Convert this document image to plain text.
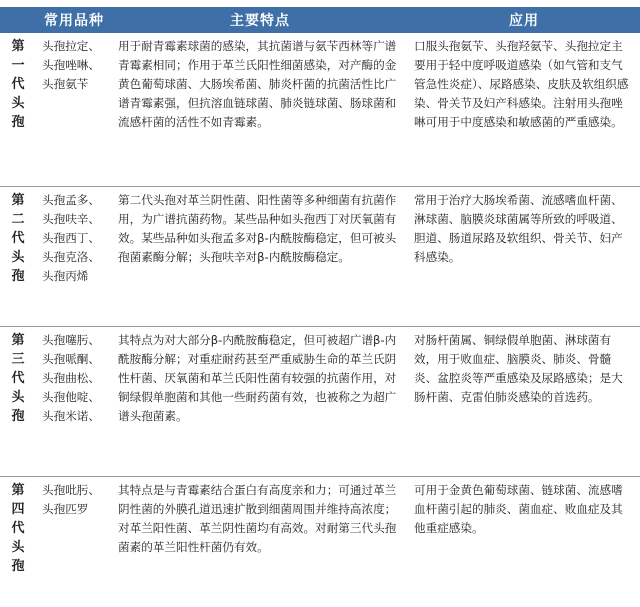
	常用品种	主要特点	应用

第
一
代
头
孢	头孢拉定、
头孢唑啉、
头孢氨苄	用于耐青霉素球菌的感染，其抗菌谱与氨苄西林等广谱青霉素相同；作用于革兰氏阳性细菌感染，对产酶的金黄色葡萄球菌、大肠埃希菌、肺炎杆菌的抗菌活性比广谱青霉素强，但抗溶血链球菌、肺炎链球菌、肠球菌和流感杆菌的活性不如青霉素。	口服头孢氨苄、头孢羟氨苄、头孢拉定主要用于轻中度呼吸道感染（如气管和支气管急性炎症）、尿路感染、皮肤及软组织感染、骨关节及妇产科感染。注射用头孢唑啉可用于中度感染和敏感菌的严重感染。

第
二
代
头
孢	头孢孟多、
头孢呋辛、
头孢西丁、
头孢克洛、
头孢丙烯	第二代头孢对革兰阴性菌、阳性菌等多种细菌有抗菌作用，为广谱抗菌药物。某些品种如头孢西丁对厌氧菌有效。某些品种如头孢孟多对β-内酰胺酶稳定，但可被头孢菌素酶分解；头孢呋辛对β-内酰胺酶稳定。	常用于治疗大肠埃希菌、流感嗜血杆菌、淋球菌、脑膜炎球菌属等所致的呼吸道、胆道、肠道尿路及软组织、骨关节、妇产科感染。

第
三
代
头
孢	头孢噻肟、
头孢哌酮、
头孢曲松、
头孢他啶、
头孢米诺、	其特点为对大部分β-内酰胺酶稳定，但可被超广谱β-内酰胺酶分解；对重症耐药甚至严重威胁生命的革兰氏阴性杆菌、厌氧菌和革兰氏阳性菌有较强的抗菌作用，对铜绿假单胞菌和其他一些耐药菌有效，也被称之为超广谱头孢菌素。	对肠杆菌属、铜绿假单胞菌、淋球菌有效，用于败血症、脑膜炎、肺炎、骨髓炎、盆腔炎等严重感染及尿路感染；是大肠杆菌、克雷伯肺炎感染的首选药。

第
四
代
头
孢	头孢吡肟、
头孢匹罗	其特点是与青霉素结合蛋白有高度亲和力；可通过革兰阴性菌的外膜孔道迅速扩散到细菌周围并维持高浓度；对革兰阳性菌、革兰阴性菌均有高效。对耐第三代头孢菌素的革兰阳性杆菌仍有效。	可用于金黄色葡萄球菌、链球菌、流感嗜血杆菌引起的肺炎、菌血症、败血症及其他重症感染。
